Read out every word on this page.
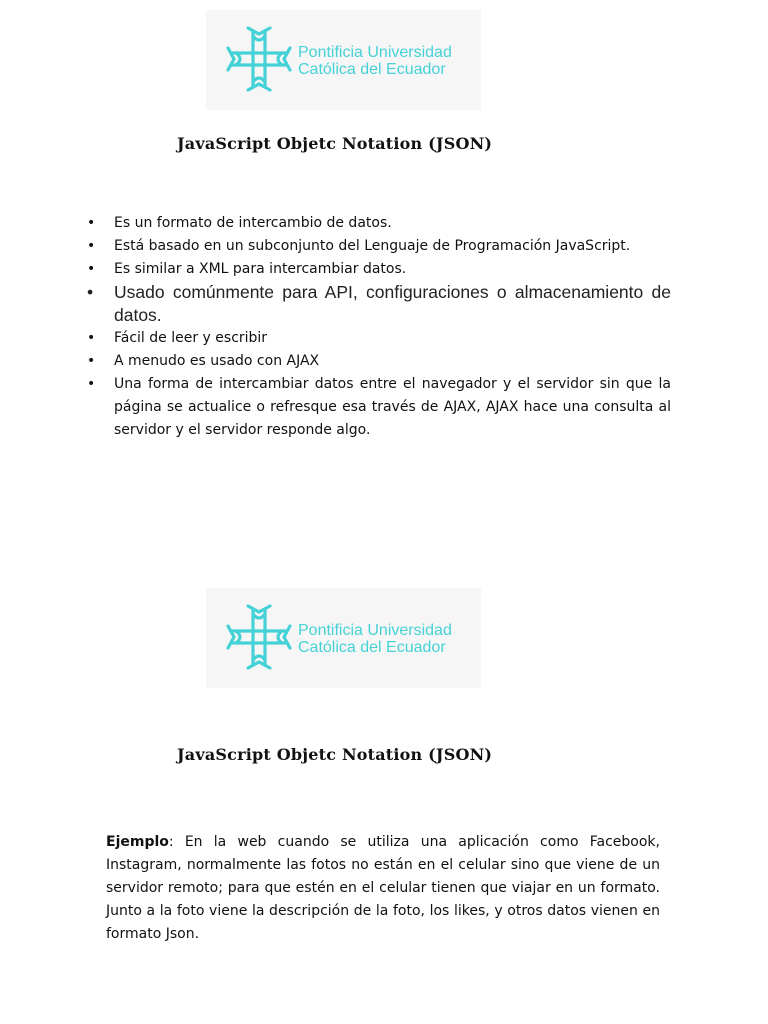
Pontificia Universidad
Católica del Ecuador
JavaScript Objetc Notation (JSON)
• Es un formato de intercambio de datos.
• Está basado en un subconjunto del Lenguaje de Programación JavaScript.
• Es similar a XML para intercambiar datos.
• Usado comúnmente para API, configuraciones o almacenamiento de datos.
• Fácil de leer y escribir
• A menudo es usado con AJAX
• Una forma de intercambiar datos entre el navegador y el servidor sin que la página se actualice o refresque esa través de AJAX, AJAX hace una consulta al servidor y el servidor responde algo.
Pontificia Universidad
Católica del Ecuador
JavaScript Objetc Notation (JSON)

Ejemplo: En la web cuando se utiliza una aplicación como Facebook, Instagram, normalmente las fotos no están en el celular sino que viene de un servidor remoto; para que estén en el celular tienen que viajar en un formato. Junto a la foto viene la descripción de la foto, los likes, y otros datos vienen en formato Json.
